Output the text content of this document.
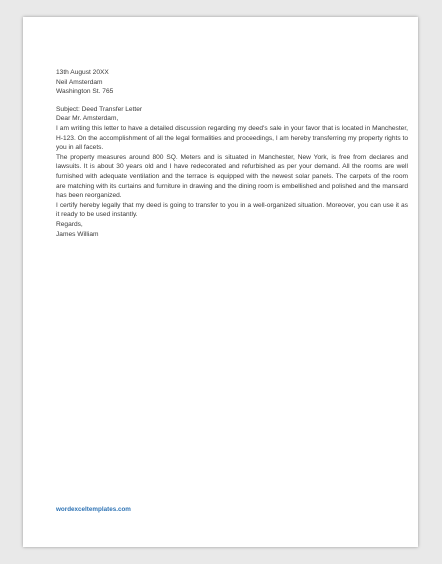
13th August 20XX

Neil Amsterdam

Washington St. 765

Subject: Deed Transfer Letter

Dear Mr. Amsterdam,

I am writing this letter to have a detailed discussion regarding my deed's sale in your favor that is located in Manchester, H-123. On the accomplishment of all the legal formalities and proceedings, I am hereby transferring my property rights to you in all facets.

The property measures around 800 SQ. Meters and is situated in Manchester, New York, is free from declares and lawsuits. It is about 30 years old and I have redecorated and refurbished as per your demand. All the rooms are well furnished with adequate ventilation and the terrace is equipped with the newest solar panels. The carpets of the room are matching with its curtains and furniture in drawing and the dining room is embellished and polished and the mansard has been reorganized.

I certify hereby legally that my deed is going to transfer to you in a well-organized situation. Moreover, you can use it as it ready to be used instantly.

Regards,

James William

wordexceltemplates.com
